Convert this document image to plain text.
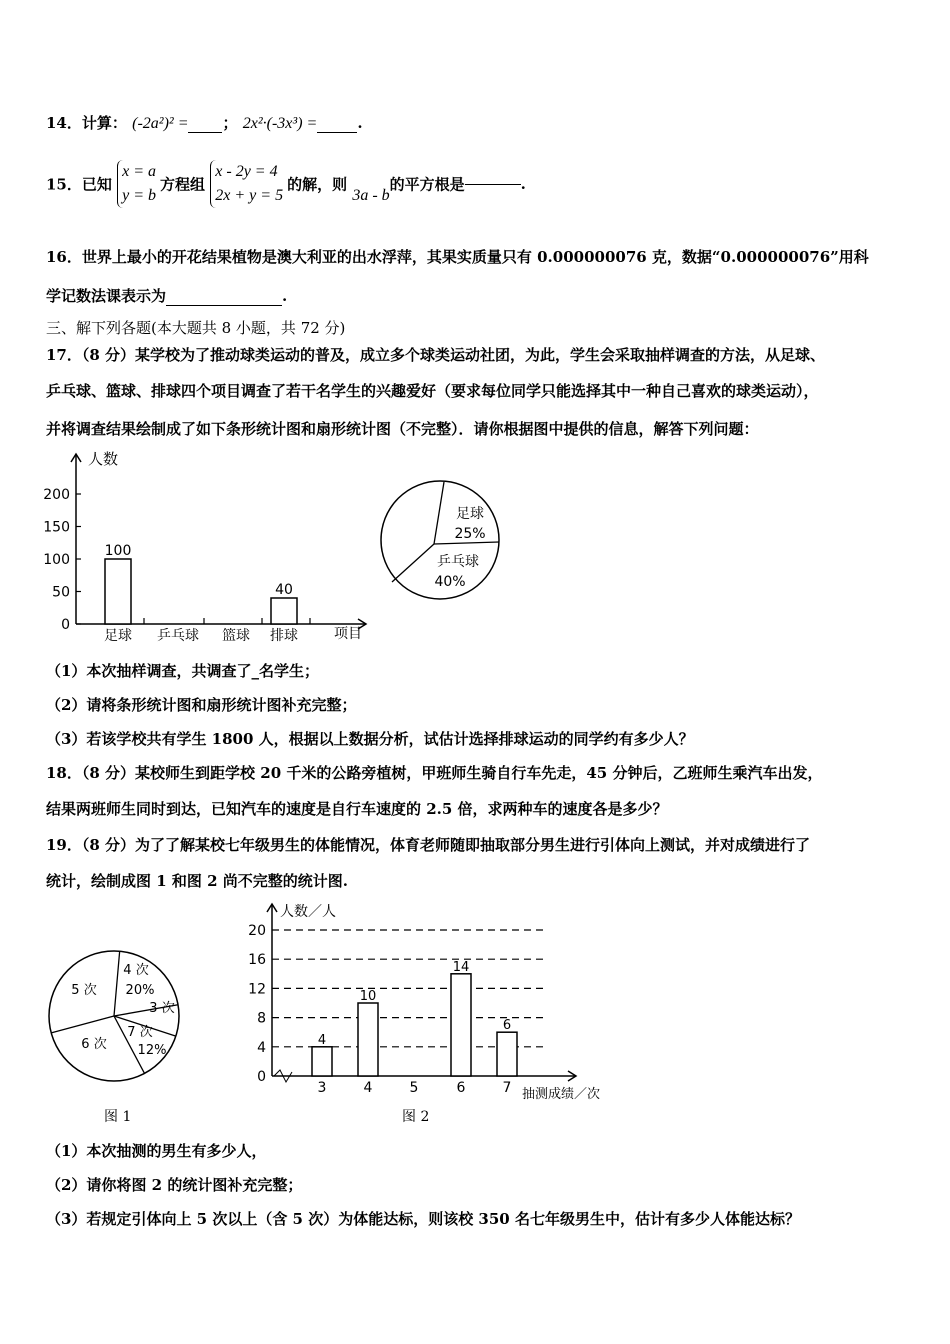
14．计算： (-2a²)² = ； 2x²·(-3x³) =	.
15．已知 x = a
y = b方程组 x - 2y = 4
2x + y = 5的解，则 3a - b的平方根是	.
16．世界上最小的开花结果植物是澳大利亚的出水浮萍，其果实质量只有 0.000000076 克，数据“0.000000076”用科
学记数法课表示为	.
三、解下列各题(本大题共 8 小题，共 72 分)
17．（8 分）某学校为了推动球类运动的普及，成立多个球类运动社团，为此，学生会采取抽样调查的方法，从足球、
乒乓球、篮球、排球四个项目调查了若干名学生的兴趣爱好（要求每位同学只能选择其中一种自己喜欢的球类运动），
并将调查结果绘制成了如下条形统计图和扇形统计图（不完整）．请你根据图中提供的信息，解答下列问题：
人数
项目
0
50
100
150
200
足球 乒乓球 篮球 排球
100
40
足球
25%
乒乓球
40%
（1）本次抽样调查，共调查了_名学生；
（2）请将条形统计图和扇形统计图补充完整；
（3）若该学校共有学生 1800 人，根据以上数据分析，试估计选择排球运动的同学约有多少人？
18．（8 分）某校师生到距学校 20 千米的公路旁植树，甲班师生骑自行车先走，45 分钟后，乙班师生乘汽车出发，
结果两班师生同时到达，已知汽车的速度是自行车速度的 2.5 倍，求两种车的速度各是多少？
19．（8 分）为了了解某校七年级男生的体能情况，体育老师随即抽取部分男生进行引体向上测试，并对成绩进行了
统计，绘制成图 1 和图 2 尚不完整的统计图.
4 次
20%
3 次
7 次
12%
6 次
5 次
图 1
人数／人
抽测成绩／次
0
4
8
12
16
20
3	4	5	6	7
4
10
14
6
图 2
（1）本次抽测的男生有多少人，
（2）请你将图 2 的统计图补充完整；
（3）若规定引体向上 5 次以上（含 5 次）为体能达标，则该校 350 名七年级男生中，估计有多少人体能达标？
